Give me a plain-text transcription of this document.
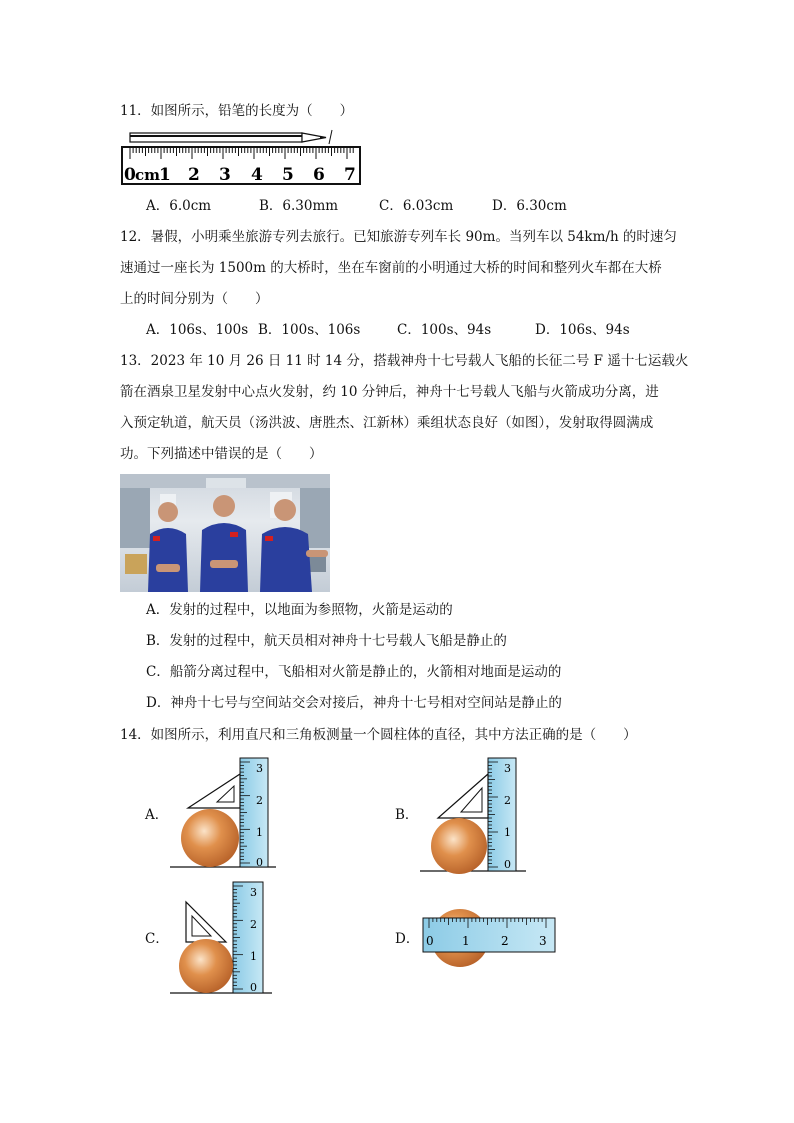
11．如图所示，铅笔的长度为（　　）
0 cm
1 2 3 4 5 6 7
A．6.0cm	B．6.30mm	C．6.03cm	D．6.30cm
12．暑假，小明乘坐旅游专列去旅行。已知旅游专列车长 90m。当列车以 54km/h 的时速匀
速通过一座长为 1500m 的大桥时，坐在车窗前的小明通过大桥的时间和整列火车都在大桥
上的时间分别为（　　）
A．106s、100s B．100s、106s	C．100s、94s	D．106s、94s
13．2023 年 10 月 26 日 11 时 14 分，搭载神舟十七号载人飞船的长征二号 F 遥十七运载火
箭在酒泉卫星发射中心点火发射，约 10 分钟后，神舟十七号载人飞船与火箭成功分离，进
入预定轨道，航天员（汤洪波、唐胜杰、江新林）乘组状态良好（如图），发射取得圆满成
功。下列描述中错误的是（　　）
A．发射的过程中，以地面为参照物，火箭是运动的
B．发射的过程中，航天员相对神舟十七号载人飞船是静止的
C．船箭分离过程中，飞船相对火箭是静止的，火箭相对地面是运动的
D．神舟十七号与空间站交会对接后，神舟十七号相对空间站是静止的
14．如图所示，利用直尺和三角板测量一个圆柱体的直径，其中方法正确的是（　　）
A．
3
2
1
0
B．
3
2
1
0
C．
3
2
1
0
D． 0 1	2	3
